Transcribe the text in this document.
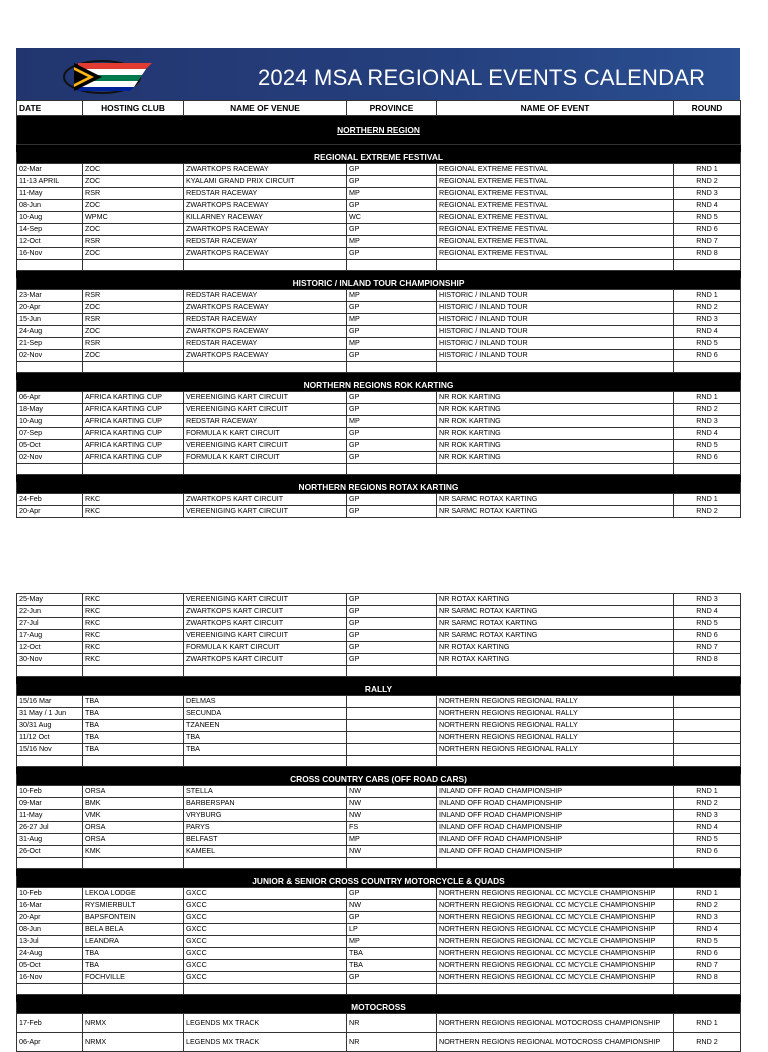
2024 MSA REGIONAL EVENTS CALENDAR
DATE	HOSTING CLUB	NAME OF VENUE	PROVINCE	NAME OF EVENT	ROUND
NORTHERN REGION					

REGIONAL EXTREME FESTIVAL					
02-Mar	ZOC	ZWARTKOPS RACEWAY	GP	REGIONAL EXTREME FESTIVAL	RND 1
11-13 APRIL	ZOC	KYALAMI GRAND PRIX CIRCUIT	GP	REGIONAL EXTREME FESTIVAL	RND 2
11-May	RSR	REDSTAR RACEWAY	MP	REGIONAL EXTREME FESTIVAL	RND 3
08-Jun	ZOC	ZWARTKOPS RACEWAY	GP	REGIONAL EXTREME FESTIVAL	RND 4
10-Aug	WPMC	KILLARNEY RACEWAY	WC	REGIONAL EXTREME FESTIVAL	RND 5
14-Sep	ZOC	ZWARTKOPS RACEWAY	GP	REGIONAL EXTREME FESTIVAL	RND 6
12-Oct	RSR	REDSTAR RACEWAY	MP	REGIONAL EXTREME FESTIVAL	RND 7
16-Nov	ZOC	ZWARTKOPS RACEWAY	GP	REGIONAL EXTREME FESTIVAL	RND 8

HISTORIC / INLAND TOUR CHAMPIONSHIP					
23-Mar	RSR	REDSTAR RACEWAY	MP	HISTORIC / INLAND TOUR	RND 1
20-Apr	ZOC	ZWARTKOPS RACEWAY	GP	HISTORIC / INLAND TOUR	RND 2
15-Jun	RSR	REDSTAR RACEWAY	MP	HISTORIC / INLAND TOUR	RND 3
24-Aug	ZOC	ZWARTKOPS RACEWAY	GP	HISTORIC / INLAND TOUR	RND 4
21-Sep	RSR	REDSTAR RACEWAY	MP	HISTORIC / INLAND TOUR	RND 5
02-Nov	ZOC	ZWARTKOPS RACEWAY	GP	HISTORIC / INLAND TOUR	RND 6

NORTHERN REGIONS ROK KARTING					
06-Apr	AFRICA KARTING CUP	VEREENIGING KART CIRCUIT	GP	NR ROK KARTING	RND 1
18-May	AFRICA KARTING CUP	VEREENIGING KART CIRCUIT	GP	NR ROK KARTING	RND 2
10-Aug	AFRICA KARTING CUP	REDSTAR RACEWAY	MP	NR ROK KARTING	RND 3
07-Sep	AFRICA KARTING CUP	FORMULA K KART CIRCUIT	GP	NR ROK KARTING	RND 4
05-Oct	AFRICA KARTING CUP	VEREENIGING KART CIRCUIT	GP	NR ROK KARTING	RND 5
02-Nov	AFRICA KARTING CUP	FORMULA K KART CIRCUIT	GP	NR ROK KARTING	RND 6

NORTHERN REGIONS ROTAX KARTING					
24-Feb	RKC	ZWARTKOPS KART CIRCUIT	GP	NR SARMC ROTAX KARTING	RND 1
20-Apr	RKC	VEREENIGING KART CIRCUIT	GP	NR SARMC ROTAX KARTING	RND 2
25-May	RKC	VEREENIGING KART CIRCUIT	GP	NR ROTAX KARTING	RND 3
22-Jun	RKC	ZWARTKOPS KART CIRCUIT	GP	NR SARMC ROTAX KARTING	RND 4
27-Jul	RKC	ZWARTKOPS KART CIRCUIT	GP	NR SARMC ROTAX KARTING	RND 5
17-Aug	RKC	VEREENIGING KART CIRCUIT	GP	NR SARMC ROTAX KARTING	RND 6
12-Oct	RKC	FORMULA K KART CIRCUIT	GP	NR ROTAX KARTING	RND 7
30-Nov	RKC	ZWARTKOPS KART CIRCUIT	GP	NR ROTAX KARTING	RND 8

RALLY					
15/16 Mar	TBA	DELMAS		NORTHERN REGIONS REGIONAL RALLY	
31 May / 1 Jun	TBA	SECUNDA		NORTHERN REGIONS REGIONAL RALLY	
30/31 Aug	TBA	TZANEEN		NORTHERN REGIONS REGIONAL RALLY	
11/12 Oct	TBA	TBA		NORTHERN REGIONS REGIONAL RALLY	
15/16 Nov	TBA	TBA		NORTHERN REGIONS REGIONAL RALLY	

CROSS COUNTRY CARS (OFF ROAD CARS)					
10-Feb	ORSA	STELLA	NW	INLAND OFF ROAD CHAMPIONSHIP	RND 1
09-Mar	BMK	BARBERSPAN	NW	INLAND OFF ROAD CHAMPIONSHIP	RND 2
11-May	VMK	VRYBURG	NW	INLAND OFF ROAD CHAMPIONSHIP	RND 3
26-27 Jul	ORSA	PARYS	FS	INLAND OFF ROAD CHAMPIONSHIP	RND 4
31-Aug	ORSA	BELFAST	MP	INLAND OFF ROAD CHAMPIONSHIP	RND 5
26-Oct	KMK	KAMEEL	NW	INLAND OFF ROAD CHAMPIONSHIP	RND 6

JUNIOR & SENIOR CROSS COUNTRY MOTORCYCLE & QUADS					
10-Feb	LEKOA LODGE	GXCC	GP	NORTHERN REGIONS REGIONAL CC MCYCLE CHAMPIONSHIP	RND 1
16-Mar	RYSMIERBULT	GXCC	NW	NORTHERN REGIONS REGIONAL CC MCYCLE CHAMPIONSHIP	RND 2
20-Apr	BAPSFONTEIN	GXCC	GP	NORTHERN REGIONS REGIONAL CC MCYCLE CHAMPIONSHIP	RND 3
08-Jun	BELA BELA	GXCC	LP	NORTHERN REGIONS REGIONAL CC MCYCLE CHAMPIONSHIP	RND 4
13-Jul	LEANDRA	GXCC	MP	NORTHERN REGIONS REGIONAL CC MCYCLE CHAMPIONSHIP	RND 5
24-Aug	TBA	GXCC	TBA	NORTHERN REGIONS REGIONAL CC MCYCLE CHAMPIONSHIP	RND 6
05-Oct	TBA	GXCC	TBA	NORTHERN REGIONS REGIONAL CC MCYCLE CHAMPIONSHIP	RND 7
16-Nov	FOCHVILLE	GXCC	GP	NORTHERN REGIONS REGIONAL CC MCYCLE CHAMPIONSHIP	RND 8

MOTOCROSS					
17-Feb	NRMX	LEGENDS MX TRACK	NR	NORTHERN REGIONS REGIONAL MOTOCROSS CHAMPIONSHIP	RND 1
06-Apr	NRMX	LEGENDS MX TRACK	NR	NORTHERN REGIONS REGIONAL MOTOCROSS CHAMPIONSHIP	RND 2
